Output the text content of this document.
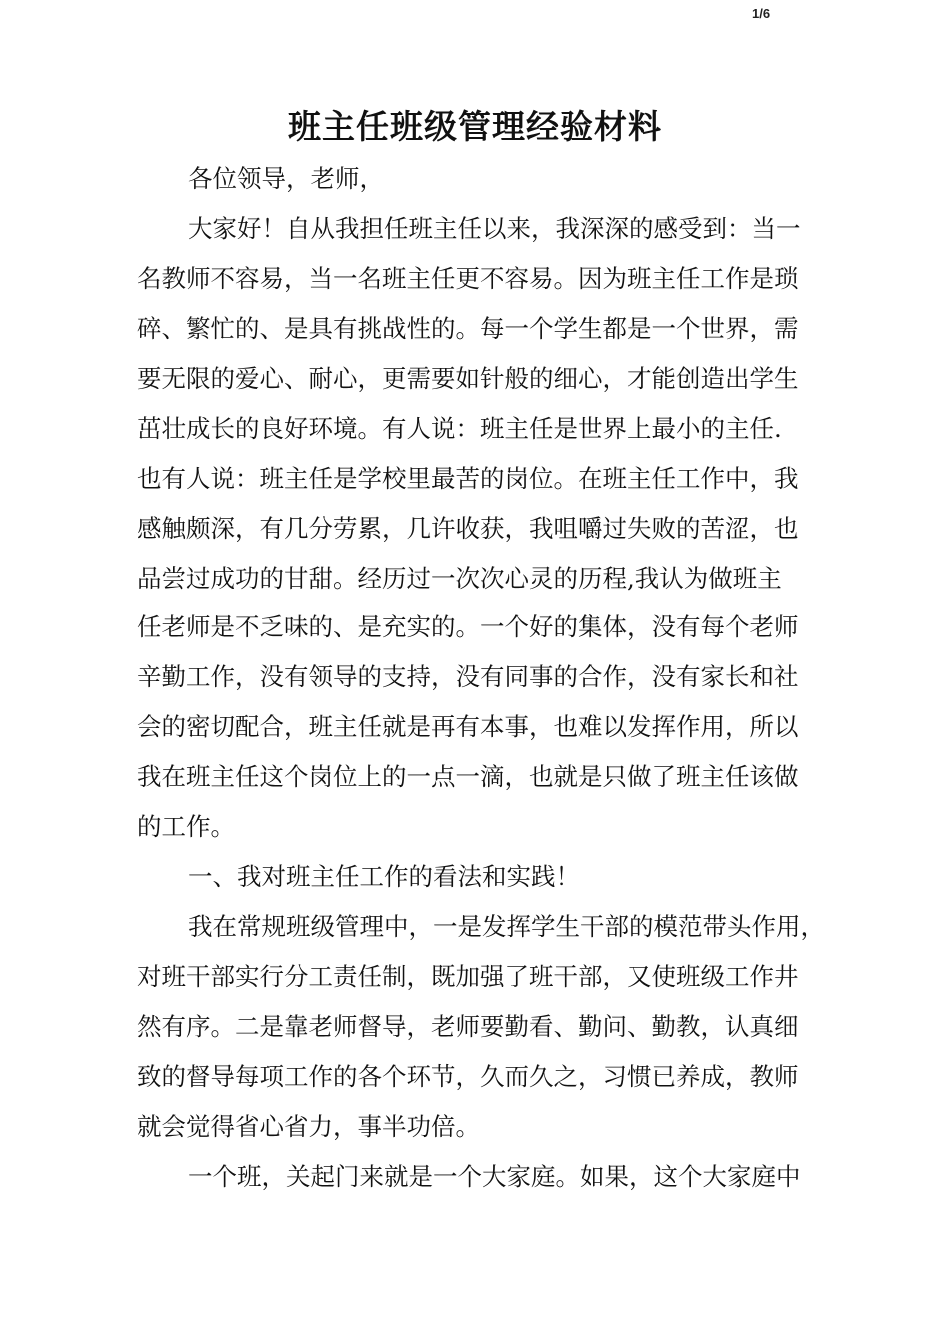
1/6
班主任班级管理经验材料

各位领导，老师，

大家好！自从我担任班主任以来，我深深的感受到：当一

名教师不容易，当一名班主任更不容易。因为班主任工作是琐

碎、繁忙的、是具有挑战性的。每一个学生都是一个世界，需

要无限的爱心、耐心，更需要如针般的细心，才能创造出学生

茁壮成长的良好环境。有人说：班主任是世界上最小的主任.

也有人说：班主任是学校里最苦的岗位。在班主任工作中，我

感触颇深，有几分劳累，几许收获，我咀嚼过失败的苦涩，也

品尝过成功的甘甜。经历过一次次心灵的历程,我认为做班主

任老师是不乏味的、是充实的。一个好的集体，没有每个老师

辛勤工作，没有领导的支持，没有同事的合作，没有家长和社

会的密切配合，班主任就是再有本事，也难以发挥作用，所以

我在班主任这个岗位上的一点一滴，也就是只做了班主任该做

的工作。

一、我对班主任工作的看法和实践！

我在常规班级管理中，一是发挥学生干部的模范带头作用，

对班干部实行分工责任制，既加强了班干部，又使班级工作井

然有序。二是靠老师督导，老师要勤看、勤问、勤教，认真细

致的督导每项工作的各个环节，久而久之，习惯已养成，教师

就会觉得省心省力，事半功倍。

一个班，关起门来就是一个大家庭。如果，这个大家庭中
